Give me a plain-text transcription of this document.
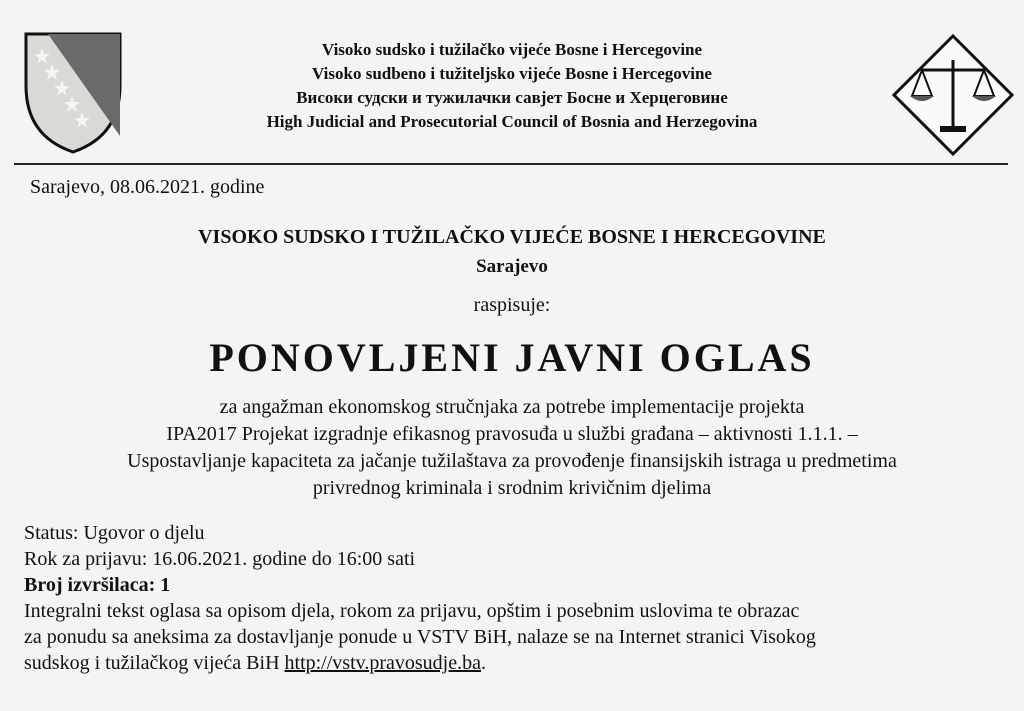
Visoko sudsko i tužilačko vijeće Bosne i Hercegovine
Visoko sudbeno i tužiteljsko vijeće Bosne i Hercegovine
Високи судски и тужилачки савјет Босне и Херцеговине
High Judicial and Prosecutorial Council of Bosnia and Herzegovina
Sarajevo, 08.06.2021. godine
VISOKO SUDSKO I TUŽILAČKO VIJEĆE BOSNE I HERCEGOVINE
Sarajevo
raspisuje:
PONOVLJENI JAVNI OGLAS
za angažman ekonomskog stručnjaka za potrebe implementacije projekta
IPA2017 Projekat izgradnje efikasnog pravosuđa u službi građana – aktivnosti 1.1.1. –
Uspostavljanje kapaciteta za jačanje tužilaštava za provođenje finansijskih istraga u predmetima
privrednog kriminala i srodnim krivičnim djelima
Status: Ugovor o djelu
Rok za prijavu: 16.06.2021. godine do 16:00 sati
Broj izvršilaca: 1
Integralni tekst oglasa sa opisom djela, rokom za prijavu, opštim i posebnim uslovima te obrazac
za ponudu sa aneksima za dostavljanje ponude u VSTV BiH, nalaze se na Internet stranici Visokog
sudskog i tužilačkog vijeća BiH http://vstv.pravosudje.ba.
